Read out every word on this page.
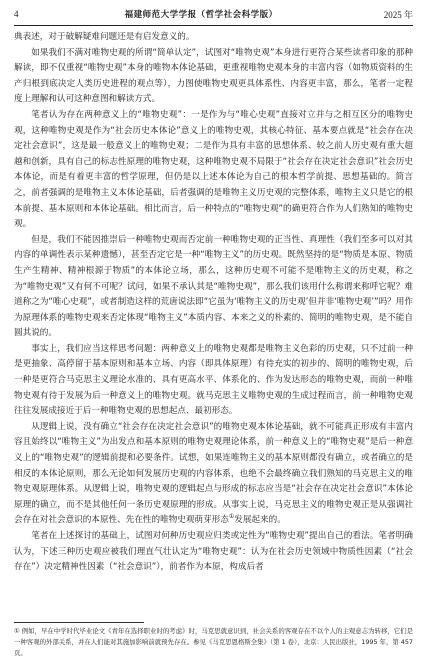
4	福建师范大学学报（哲学社会科学版）	2025 年

典表述，对于破解疑难问题还是有启发意义的。

如果我们不满对唯物史观的所谓“简单认定”，试图对“唯物史观”本身进行更符合某些读者印象的那种解读，即不仅重视“唯物史观”本身的唯物本体论基础，更重视唯物史观本身的丰富内容（如物质资料的生产归根到底决定人类历史进程的观点等），力图使唯物史观更具体系性、内容更丰富，那么，笔者一定程度上理解和认可这种意图和解读方式。

笔者认为存在两种意义上的“唯物史观”：一是作为与“唯心史观”直接对立并与之相互区分的唯物史观，这种唯物史观是作为“社会历史本体论”意义上的唯物史观，其核心特征、基本要点就是“社会存在决定社会意识”，这是最一般意义上的唯物史观；二是作为具有丰富的思想体系、较之前人历史观有重大超越和创新，具有自己的标志性原理的唯物史观，这种唯物史观不局限于“社会存在决定社会意识”社会历史本体论，而是有着更丰富的哲学原理，但仍是以上述本体论为自己的根本哲学前提、思想基础的。简言之，前者强调的是唯物主义本体论基础，后者强调的是唯物主义历史观的完整体系，唯物主义只是它的根本前提、基本原则和本体论基础。相比而言，后一种特点的“唯物史观”的确更符合作为人们熟知的唯物史观。

但是，我们不能因推崇后一种唯物史观而否定前一种唯物史观的正当性、真理性（我们至多可以对其内容的单调性表示某种遗憾），甚至否定它是一种“唯物主义”的历史观。既然坚持的是“物质是本原、物质生产生精神、精神根源于物质”的本体论立场，那么，这种历史观不可能不是唯物主义的历史观，称之为“唯物史观”又有何不可呢？试问，如果不承认其是“唯物史观”，那么我们该用什么称谓来称呼它呢？难道称之为“唯心史观”，或者制造这样的荒唐说法即“它虽为‘唯物主义的历史观’但并非‘唯物史观’”吗？用作为原理体系的唯物史观来否定体现“唯物主义”本质内容、本来之义的朴素的、简明的唯物史观，是不能自圆其说的。

事实上，我们应当这样思考问题：两种意义上的唯物史观都是唯物主义色彩的历史观，只不过前一种是更抽象、高停留于基本原则和基本立场、内容（即具体原理）有待充实的初步的、简明的唯物史观，后一种是更符合马克思主义理论水准的、具有更高水平、体系化的、作为发达形态的唯物史观，而前一种唯物史观有待于发展为后一种意义上的唯物史观。就马克思主义唯物史观的生成过程而言，前一种唯物史观往往发展成接近于后一种唯物史观的思想起点、最初形态。

从逻辑上说，没有确立“社会存在决定社会意识”的唯物史观本体论基础，就不可能真正形成有丰富内容且始终以“唯物主义”为出发点和基本原则的唯物史观理论体系，前一种意义上的“唯物史观”是后一种意义上的“唯物史观”的逻辑前提和必要条件。试想，如果连唯物主义的基本原则都没有确立，或者确立的是相反的本体论原则，那么无论如何发展历史观的内容体系，也绝不会最终确立我们熟知的马克思主义的唯物史观原理体系。从逻辑上说，唯物史观的逻辑起点与形成的标志应当是“社会存在决定社会意识”本体论原理的确立，而不是其他任何一条历史观原理的形成。从事实上说，马克思主义的唯物史观正是从强调社会存在对社会意识的本原性、先在性的唯物史观萌芽形态①发展起来的。

笔者在上述探讨的基础上，试图对何种历史观应归类或定性为“唯物史观”提出自己的看法。笔者明确认为，下述三种历史观应被我们理直气壮认定为“唯物史观”：认为在社会历史领域中物质性因素（“社会存在”）决定精神性因素（“社会意识”），前者作为本原，构成后者

① 例如，早在中学时代毕业论文《青年在选择职业时的考虑》时，马克思就意识到，社会关系的客观存在不以个人的主观意志为转移，它们是一种客观的外部关系，并在人们能对其施加影响前就预先存在。参见《马克思恩格斯全集》（第 1 卷），北京：人民出版社，1995 年，第 457 页。
